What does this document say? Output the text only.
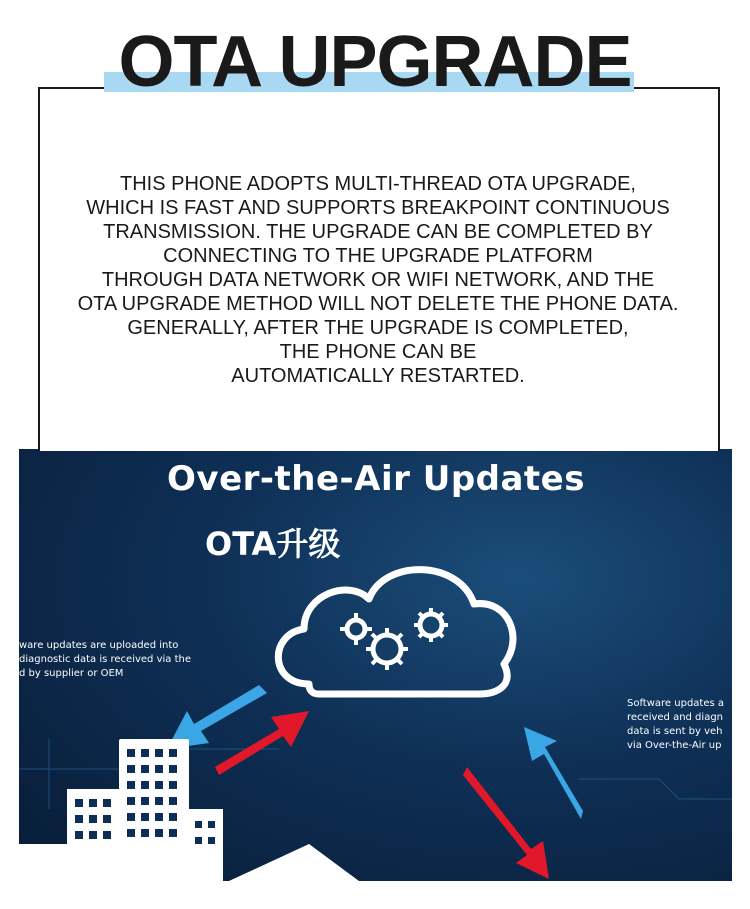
OTA UPGRADE
THIS PHONE ADOPTS MULTI-THREAD OTA UPGRADE,
WHICH IS FAST AND SUPPORTS BREAKPOINT CONTINUOUS
TRANSMISSION. THE UPGRADE CAN BE COMPLETED BY
CONNECTING TO THE UPGRADE PLATFORM
THROUGH DATA NETWORK OR WIFI NETWORK, AND THE
OTA UPGRADE METHOD WILL NOT DELETE THE PHONE DATA.
GENERALLY, AFTER THE UPGRADE IS COMPLETED,
THE PHONE CAN BE
AUTOMATICALLY RESTARTED.
Over-the-Air Updates
OTA升级
ware updates are uploaded into
diagnostic data is received via the
d by supplier or OEM
Software updates a
received and diagn
data is sent by veh
via Over-the-Air up
